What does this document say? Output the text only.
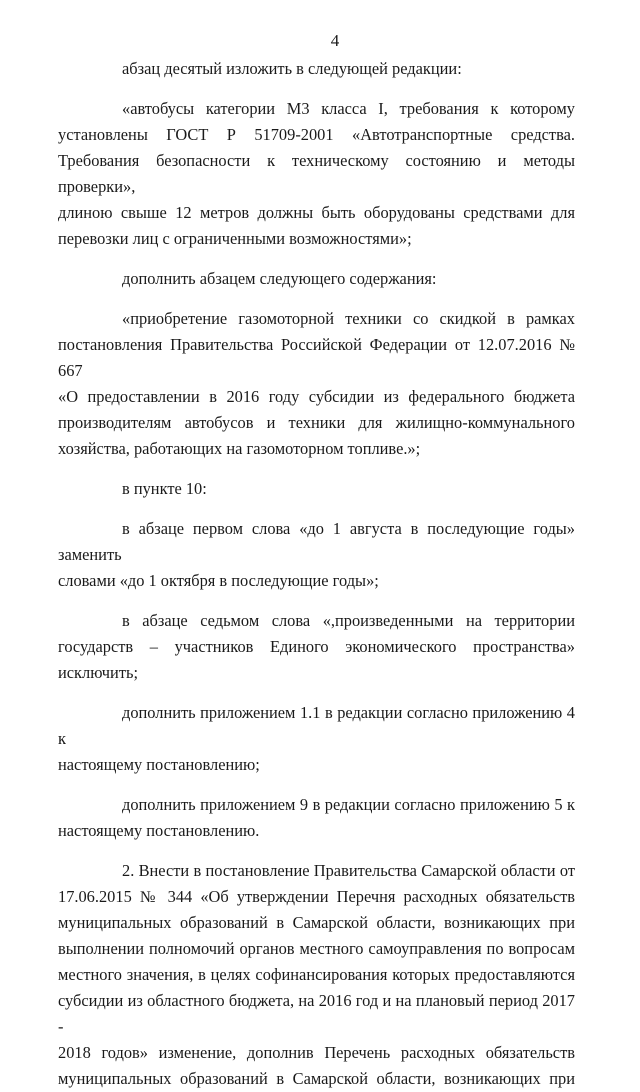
4
абзац десятый изложить в следующей редакции:
«автобусы категории М3 класса I, требования к которому
установлены ГОСТ Р 51709-2001 «Автотранспортные средства.
Требования безопасности к техническому состоянию и методы проверки»,
длиною свыше 12 метров должны быть оборудованы средствами для
перевозки лиц с ограниченными возможностями»;
дополнить абзацем следующего содержания:
«приобретение газомоторной техники со скидкой в рамках
постановления Правительства Российской Федерации от 12.07.2016 № 667
«О предоставлении в 2016 году субсидии из федерального бюджета
производителям автобусов и техники для жилищно-коммунального
хозяйства, работающих на газомоторном топливе.»;
в пункте 10:
в абзаце первом слова «до 1 августа в последующие годы» заменить
словами «до 1 октября в последующие годы»;
в абзаце седьмом слова «,произведенными на территории
государств – участников Единого экономического пространства»
исключить;
дополнить приложением 1.1 в редакции согласно приложению 4 к
настоящему постановлению;
дополнить приложением 9 в редакции согласно приложению 5 к
настоящему постановлению.
2. Внести в постановление Правительства Самарской области от
17.06.2015 № 344 «Об утверждении Перечня расходных обязательств
муниципальных образований в Самарской области, возникающих при
выполнении полномочий органов местного самоуправления по вопросам
местного значения, в целях софинансирования которых предоставляются
субсидии из областного бюджета, на 2016 год и на плановый период 2017 -
2018 годов» изменение, дополнив Перечень расходных обязательств
муниципальных образований в Самарской области, возникающих при
